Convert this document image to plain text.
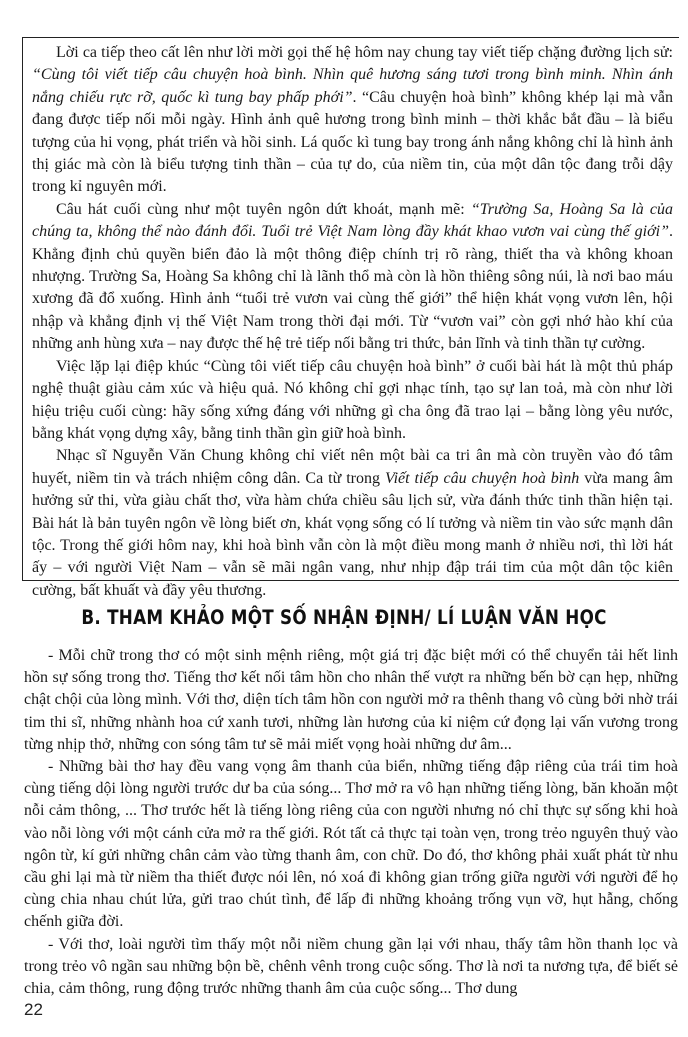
Lời ca tiếp theo cất lên như lời mời gọi thế hệ hôm nay chung tay viết tiếp chặng đường lịch sử: “Cùng tôi viết tiếp câu chuyện hoà bình. Nhìn quê hương sáng tươi trong bình minh. Nhìn ánh nắng chiếu rực rỡ, quốc kì tung bay phấp phới”. “Câu chuyện hoà bình” không khép lại mà vẫn đang được tiếp nối mỗi ngày. Hình ảnh quê hương trong bình minh – thời khắc bắt đầu – là biểu tượng của hi vọng, phát triển và hồi sinh. Lá quốc kì tung bay trong ánh nắng không chỉ là hình ảnh thị giác mà còn là biểu tượng tinh thần – của tự do, của niềm tin, của một dân tộc đang trỗi dậy trong kỉ nguyên mới.

Câu hát cuối cùng như một tuyên ngôn dứt khoát, mạnh mẽ: “Trường Sa, Hoàng Sa là của chúng ta, không thể nào đánh đổi. Tuổi trẻ Việt Nam lòng đầy khát khao vươn vai cùng thế giới”. Khẳng định chủ quyền biển đảo là một thông điệp chính trị rõ ràng, thiết tha và không khoan nhượng. Trường Sa, Hoàng Sa không chỉ là lãnh thổ mà còn là hồn thiêng sông núi, là nơi bao máu xương đã đổ xuống. Hình ảnh “tuổi trẻ vươn vai cùng thế giới” thể hiện khát vọng vươn lên, hội nhập và khẳng định vị thế Việt Nam trong thời đại mới. Từ “vươn vai” còn gợi nhớ hào khí của những anh hùng xưa – nay được thế hệ trẻ tiếp nối bằng tri thức, bản lĩnh và tinh thần tự cường.

Việc lặp lại điệp khúc “Cùng tôi viết tiếp câu chuyện hoà bình” ở cuối bài hát là một thủ pháp nghệ thuật giàu cảm xúc và hiệu quả. Nó không chỉ gợi nhạc tính, tạo sự lan toả, mà còn như lời hiệu triệu cuối cùng: hãy sống xứng đáng với những gì cha ông đã trao lại – bằng lòng yêu nước, bằng khát vọng dựng xây, bằng tinh thần gìn giữ hoà bình.

Nhạc sĩ Nguyễn Văn Chung không chỉ viết nên một bài ca tri ân mà còn truyền vào đó tâm huyết, niềm tin và trách nhiệm công dân. Ca từ trong Viết tiếp câu chuyện hoà bình vừa mang âm hưởng sử thi, vừa giàu chất thơ, vừa hàm chứa chiều sâu lịch sử, vừa đánh thức tinh thần hiện tại. Bài hát là bản tuyên ngôn về lòng biết ơn, khát vọng sống có lí tưởng và niềm tin vào sức mạnh dân tộc. Trong thế giới hôm nay, khi hoà bình vẫn còn là một điều mong manh ở nhiều nơi, thì lời hát ấy – với người Việt Nam – vẫn sẽ mãi ngân vang, như nhịp đập trái tim của một dân tộc kiên cường, bất khuất và đầy yêu thương.

B. THAM KHẢO MỘT SỐ NHẬN ĐỊNH/ LÍ LUẬN VĂN HỌC

- Mỗi chữ trong thơ có một sinh mệnh riêng, một giá trị đặc biệt mới có thể chuyển tải hết linh hồn sự sống trong thơ. Tiếng thơ kết nối tâm hồn cho nhân thế vượt ra những bến bờ cạn hẹp, những chật chội của lòng mình. Với thơ, diện tích tâm hồn con người mở ra thênh thang vô cùng bởi nhờ trái tim thi sĩ, những nhành hoa cứ xanh tươi, những làn hương của kỉ niệm cứ đọng lại vấn vương trong từng nhịp thở, những con sóng tâm tư sẽ mải miết vọng hoài những dư âm...

- Những bài thơ hay đều vang vọng âm thanh của biển, những tiếng đập riêng của trái tim hoà cùng tiếng dội lòng người trước dư ba của sóng... Thơ mở ra vô hạn những tiếng lòng, băn khoăn một nỗi cảm thông, ... Thơ trước hết là tiếng lòng riêng của con người nhưng nó chỉ thực sự sống khi hoà vào nỗi lòng với một cánh cửa mở ra thế giới. Rót tất cả thực tại toàn vẹn, trong trẻo nguyên thuỷ vào ngôn từ, kí gửi những chân cảm vào từng thanh âm, con chữ. Do đó, thơ không phải xuất phát từ nhu cầu ghi lại mà từ niềm tha thiết được nói lên, nó xoá đi không gian trống giữa người với người để họ cùng chia nhau chút lửa, gửi trao chút tình, để lấp đi những khoảng trống vụn vỡ, hụt hẫng, chống chếnh giữa đời.

- Với thơ, loài người tìm thấy một nỗi niềm chung gần lại với nhau, thấy tâm hồn thanh lọc và trong trẻo vô ngần sau những bộn bề, chênh vênh trong cuộc sống. Thơ là nơi ta nương tựa, để biết sẻ chia, cảm thông, rung động trước những thanh âm của cuộc sống... Thơ dung

22
